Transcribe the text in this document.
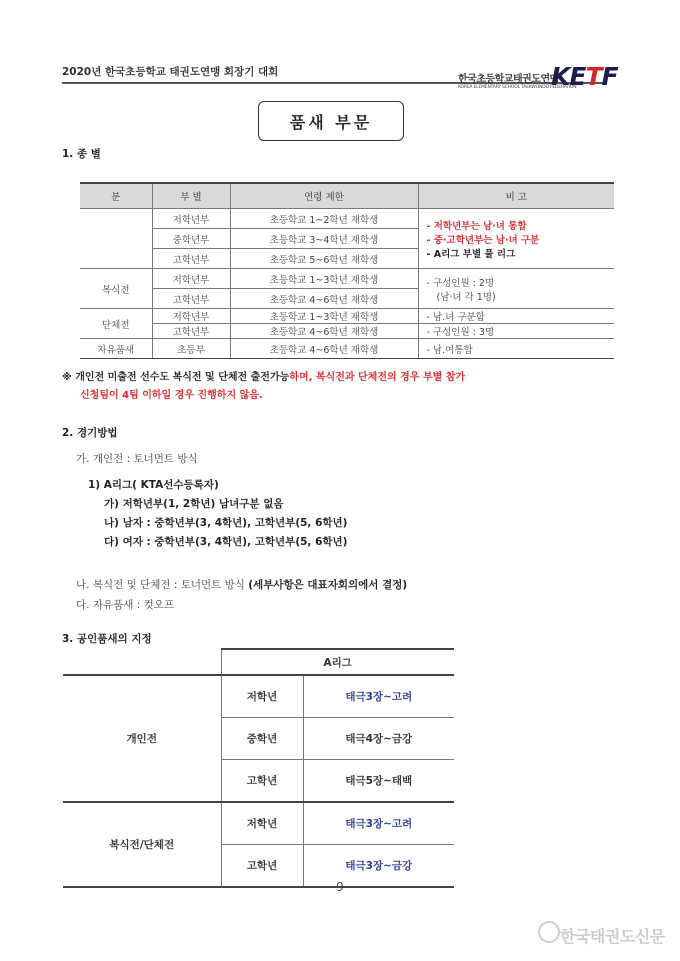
2020년 한국초등학교 태권도연맹 회장기 대회
한국초등학교태권도연맹
KOREA ELEMENTARY SCHOOL TAEKWONDO FEDERATION
KETF
품새 부문
1. 종 별
분	부 별	연령 제한	비 고
	저학년부	초등학교 1~2학년 재학생	- 저학년부는 남·녀 통합
- 중·고학년부는 남·녀 구분
- A리그 부별 풀 리그

	중학년부	초등학교 3~4학년 재학생	
	고학년부	초등학교 5~6학년 재학생	
복식전	저학년부	초등학교 1~3학년 재학생	- 구성인원 : 2명
(남·녀 각 1명)

	고학년부	초등학교 4~6학년 재학생	
단체전	저학년부	초등학교 1~3학년 재학생	- 남.녀 구분함
	고학년부	초등학교 4~6학년 재학생	- 구성인원 : 3명
자유품새	초등부	초등학교 4~6학년 재학생	- 남.여통합
※ 개인전 미출전 선수도 복식전 및 단체전 출전가능하며, 복식전과 단체전의 경우 부별 참가
신청팀이 4팀 이하일 경우 진행하지 않음.
2. 경기방법
가. 개인전 : 토너먼트 방식
1) A리그( KTA선수등록자)
가) 저학년부(1, 2학년) 남녀구분 없음
나) 남자 : 중학년부(3, 4학년), 고학년부(5, 6학년)
다) 여자 : 중학년부(3, 4학년), 고학년부(5, 6학년)
나. 복식전 및 단체전 : 토너먼트 방식 (세부사항은 대표자회의에서 결정)
다. 자유품새 : 컷오프
3. 공인품새의 지정
	A리그	
개인전	저학년	태극3장~고려
	중학년	태극4장~금강
	고학년	태극5장~태백
복식전/단체전	저학년	태극3장~고려
	고학년	태극3장~금강
- 9 -
한국태권도신문
